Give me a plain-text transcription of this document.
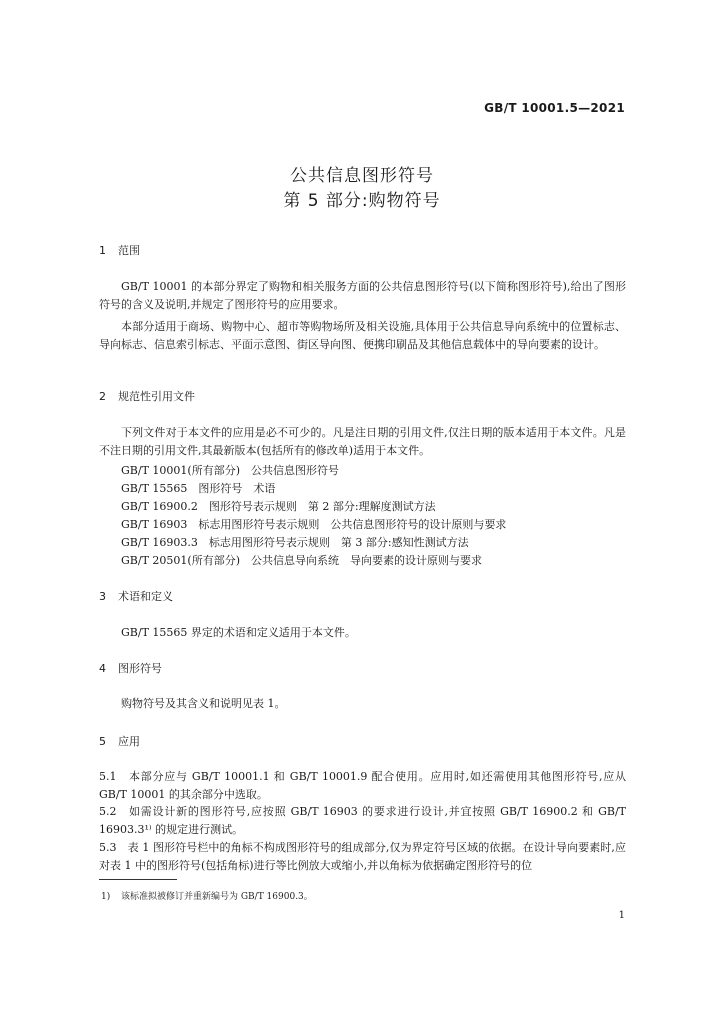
GB/T 10001.5—2021
公共信息图形符号
第 5 部分:购物符号
1 范围

GB/T 10001 的本部分界定了购物和相关服务方面的公共信息图形符号(以下简称图形符号),给出了图形符号的含义及说明,并规定了图形符号的应用要求。

本部分适用于商场、购物中心、超市等购物场所及相关设施,具体用于公共信息导向系统中的位置标志、导向标志、信息索引标志、平面示意图、街区导向图、便携印刷品及其他信息载体中的导向要素的设计。

2 规范性引用文件

下列文件对于本文件的应用是必不可少的。凡是注日期的引用文件,仅注日期的版本适用于本文件。凡是不注日期的引用文件,其最新版本(包括所有的修改单)适用于本文件。

GB/T 10001(所有部分)　公共信息图形符号
GB/T 15565　图形符号　术语
GB/T 16900.2　图形符号表示规则　第 2 部分:理解度测试方法
GB/T 16903　标志用图形符号表示规则　公共信息图形符号的设计原则与要求
GB/T 16903.3　标志用图形符号表示规则　第 3 部分:感知性测试方法
GB/T 20501(所有部分)　公共信息导向系统　导向要素的设计原则与要求
3 术语和定义

GB/T 15565 界定的术语和定义适用于本文件。

4 图形符号

购物符号及其含义和说明见表 1。

5 应用

5.1　本部分应与 GB/T 10001.1 和 GB/T 10001.9 配合使用。应用时,如还需使用其他图形符号,应从 GB/T 10001 的其余部分中选取。

5.2　如需设计新的图形符号,应按照 GB/T 16903 的要求进行设计,并宜按照 GB/T 16900.2 和 GB/T 16903.3¹⁾ 的规定进行测试。

5.3　表 1 图形符号栏中的角标不构成图形符号的组成部分,仅为界定符号区域的依据。在设计导向要素时,应对表 1 中的图形符号(包括角标)进行等比例放大或缩小,并以角标为依据确定图形符号的位

1) 该标准拟被修订并重新编号为 GB/T 16900.3。
1
